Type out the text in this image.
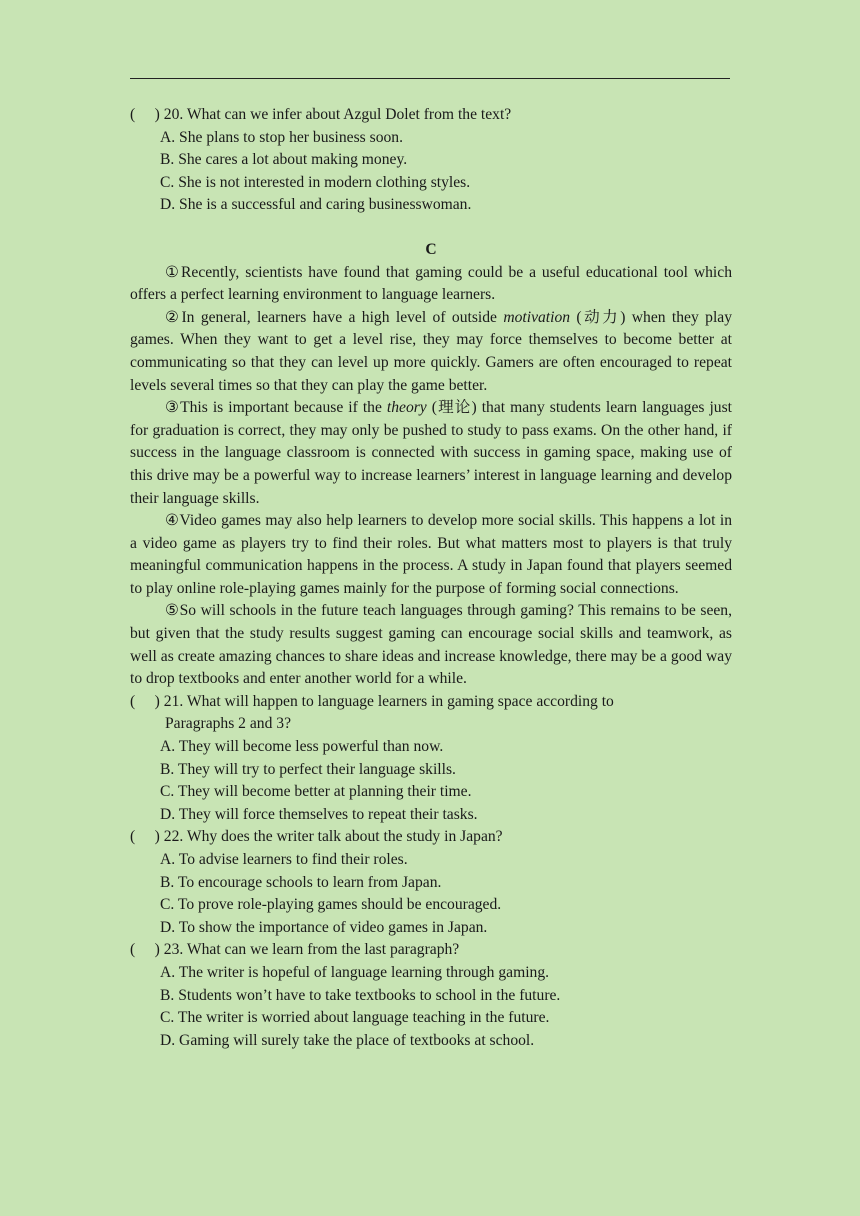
(     ) 20. What can we infer about Azgul Dolet from the text?
A. She plans to stop her business soon.
B. She cares a lot about making money.
C. She is not interested in modern clothing styles.
D. She is a successful and caring businesswoman.
C
①Recently, scientists have found that gaming could be a useful educational tool which offers a perfect learning environment to language learners.
②In general, learners have a high level of outside motivation (动力) when they play games. When they want to get a level rise, they may force themselves to become better at communicating so that they can level up more quickly. Gamers are often encouraged to repeat levels several times so that they can play the game better.
③This is important because if the theory (理论) that many students learn languages just for graduation is correct, they may only be pushed to study to pass exams. On the other hand, if success in the language classroom is connected with success in gaming space, making use of this drive may be a powerful way to increase learners’ interest in language learning and develop their language skills.
④Video games may also help learners to develop more social skills. This happens a lot in a video game as players try to find their roles. But what matters most to players is that truly meaningful communication happens in the process. A study in Japan found that players seemed to play online role-playing games mainly for the purpose of forming social connections.
⑤So will schools in the future teach languages through gaming? This remains to be seen, but given that the study results suggest gaming can encourage social skills and teamwork, as well as create amazing chances to share ideas and increase knowledge, there may be a good way to drop textbooks and enter another world for a while.
(     ) 21. What will happen to language learners in gaming space according to
Paragraphs 2 and 3?
A. They will become less powerful than now.
B. They will try to perfect their language skills.
C. They will become better at planning their time.
D. They will force themselves to repeat their tasks.
(     ) 22. Why does the writer talk about the study in Japan?
A. To advise learners to find their roles.
B. To encourage schools to learn from Japan.
C. To prove role-playing games should be encouraged.
D. To show the importance of video games in Japan.
(     ) 23. What can we learn from the last paragraph?
A. The writer is hopeful of language learning through gaming.
B. Students won’t have to take textbooks to school in the future.
C. The writer is worried about language teaching in the future.
D. Gaming will surely take the place of textbooks at school.
